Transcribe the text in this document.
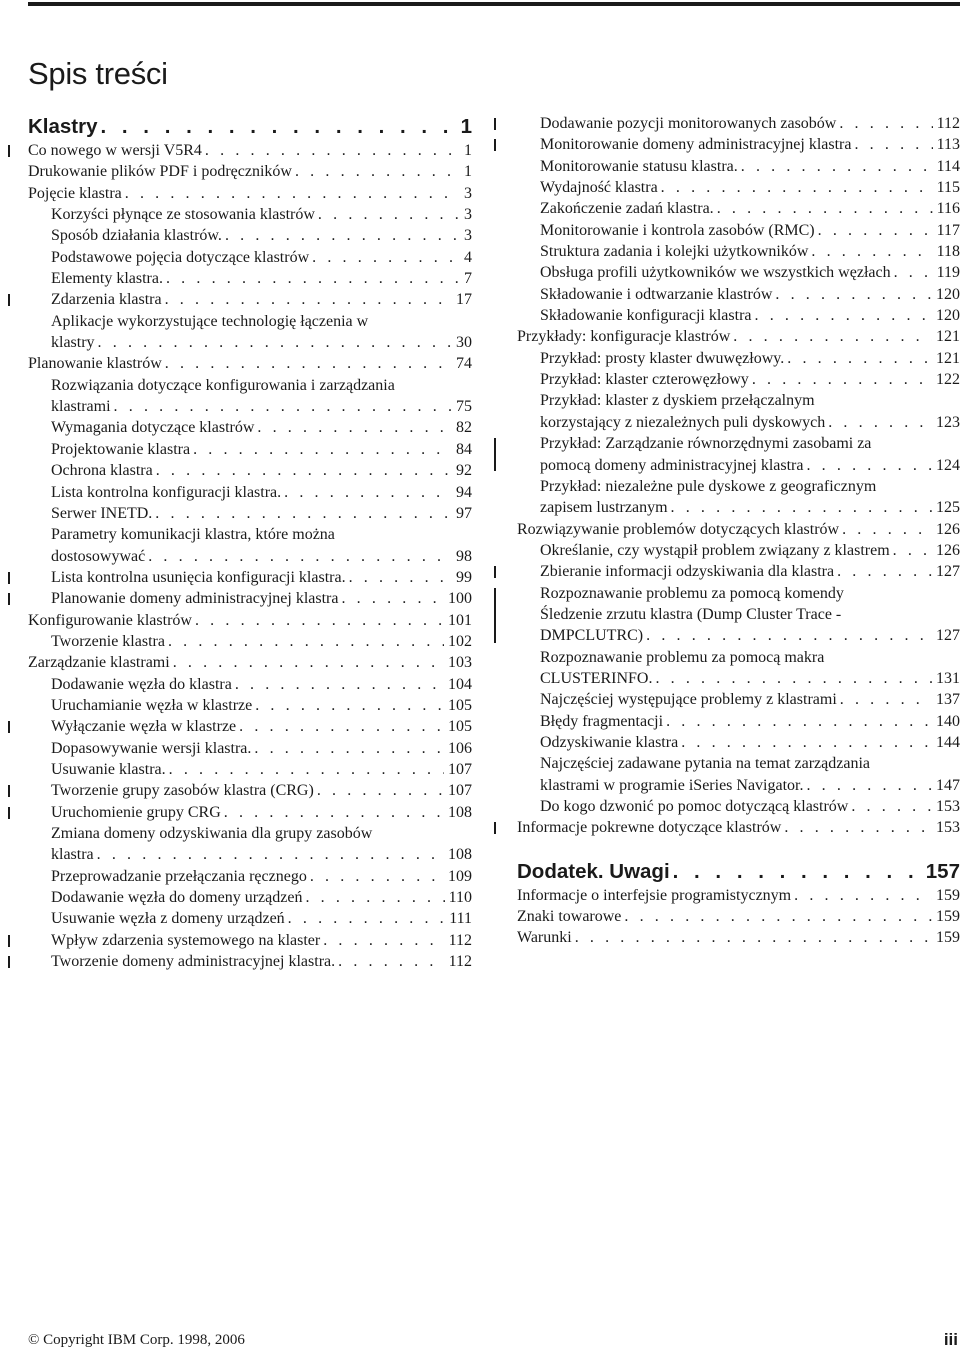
Spis treści
Klastry . . .	1
Co nowego w wersji V5R4 . . .	1
Drukowanie plików PDF i podręczników . . .	1
Pojęcie klastra . . .	3
Korzyści płynące ze stosowania klastrów . . .	3
Sposób działania klastrów. . . .	3
Podstawowe pojęcia dotyczące klastrów . . .	4
Elementy klastra. . . .	7
Zdarzenia klastra . . .	17
Aplikacje wykorzystujące technologię łączenia w
klastry . . .	30
Planowanie klastrów . . .	74
Rozwiązania dotyczące konfigurowania i zarządzania
klastrami . . .	75
Wymagania dotyczące klastrów . . .	82
Projektowanie klastra . . .	84
Ochrona klastra . . .	92
Lista kontrolna konfiguracji klastra. . . .	94
Serwer INETD. . . .	97
Parametry komunikacji klastra, które można
dostosowywać . . .	98
Lista kontrolna usunięcia konfiguracji klastra. . . .	99
Planowanie domeny administracyjnej klastra . . .	100
Konfigurowanie klastrów . . .	101
Tworzenie klastra . . .	102
Zarządzanie klastrami . . .	103
Dodawanie węzła do klastra . . .	104
Uruchamianie węzła w klastrze . . .	105
Wyłączanie węzła w klastrze . . .	105
Dopasowywanie wersji klastra. . . .	106
Usuwanie klastra. . . .	107
Tworzenie grupy zasobów klastra (CRG) . . .	107
Uruchomienie grupy CRG . . .	108
Zmiana domeny odzyskiwania dla grupy zasobów
klastra . . .	108
Przeprowadzanie przełączania ręcznego . . .	109
Dodawanie węzła do domeny urządzeń . . .	110
Usuwanie węzła z domeny urządzeń . . .	111
Wpływ zdarzenia systemowego na klaster . . .	112
Tworzenie domeny administracyjnej klastra. . . .	112
Dodawanie pozycji monitorowanych zasobów . . .	112
Monitorowanie domeny administracyjnej klastra . . .	113
Monitorowanie statusu klastra. . . .	114
Wydajność klastra . . .	115
Zakończenie zadań klastra. . . .	116
Monitorowanie i kontrola zasobów (RMC) . . .	117
Struktura zadania i kolejki użytkowników . . .	118
Obsługa profili użytkowników we wszystkich węzłach . . .	119
Składowanie i odtwarzanie klastrów . . .	120
Składowanie konfiguracji klastra . . .	120
Przykłady: konfiguracje klastrów . . .	121
Przykład: prosty klaster dwuwęzłowy. . . .	121
Przykład: klaster czterowęzłowy . . .	122
Przykład: klaster z dyskiem przełączalnym
korzystający z niezależnych puli dyskowych . . .	123
Przykład: Zarządzanie równorzędnymi zasobami za
pomocą domeny administracyjnej klastra . . .	124
Przykład: niezależne pule dyskowe z geograficznym
zapisem lustrzanym . . .	125
Rozwiązywanie problemów dotyczących klastrów . . .	126
Określanie, czy wystąpił problem związany z klastrem . . .	126
Zbieranie informacji odzyskiwania dla klastra . . .	127
Rozpoznawanie problemu za pomocą komendy
Śledzenie zrzutu klastra (Dump Cluster Trace -
DMPCLUTRC) . . .	127
Rozpoznawanie problemu za pomocą makra
CLUSTERINFO. . . .	131
Najczęściej występujące problemy z klastrami . . .	137
Błędy fragmentacji . . .	140
Odzyskiwanie klastra . . .	144
Najczęściej zadawane pytania na temat zarządzania
klastrami w programie iSeries Navigator. . . .	147
Do kogo dzwonić po pomoc dotyczącą klastrów . . .	153
Informacje pokrewne dotyczące klastrów . . .	153
Dodatek. Uwagi . . .	157
Informacje o interfejsie programistycznym . . .	159
Znaki towarowe . . .	159
Warunki . . .	159
© Copyright IBM Corp. 1998, 2006	iii
